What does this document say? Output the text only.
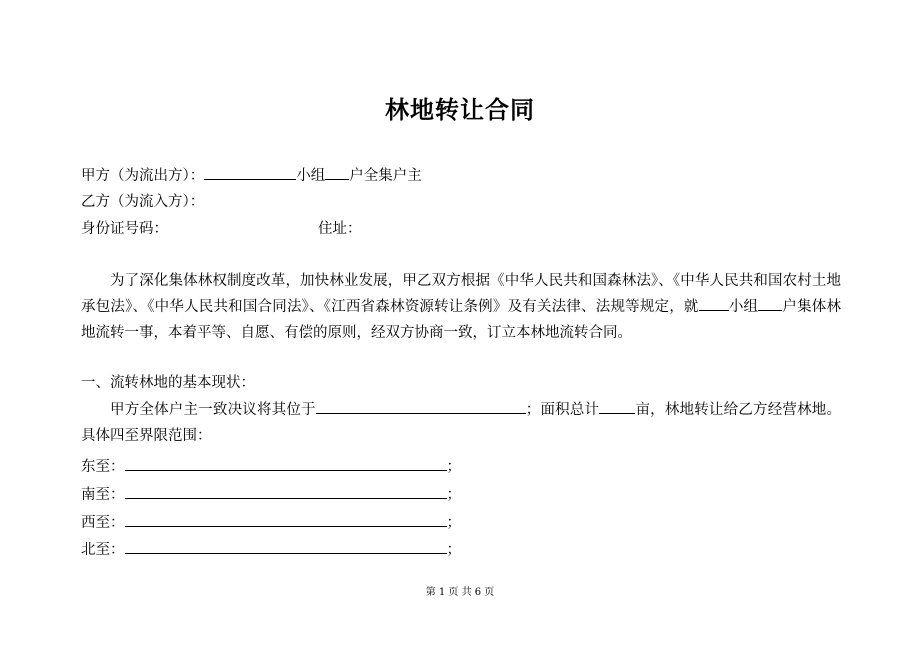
林地转让合同
甲方（为流出方）：	小组 户全集户主
乙方（为流入方）：
身份证号码：	住址：
为了深化集体林权制度改革，加快林业发展，甲乙双方根据《中华人民共和国森林法》、《中华人民共和国农村土地承包法》、《中华人民共和国合同法》、《江西省森林资源转让条例》及有关法律、法规等规定，就 小组 户集体林地流转一事，本着平等、自愿、有偿的原则，经双方协商一致，订立本林地流转合同。
一、流转林地的基本现状：
甲方全体户主一致决议将其位于	；面积总计 亩，林地转让给乙方经营林地。具体四至界限范围：
东至：	；
南至：	；
西至：	；
北至：	；
第 1 页 共 6 页
